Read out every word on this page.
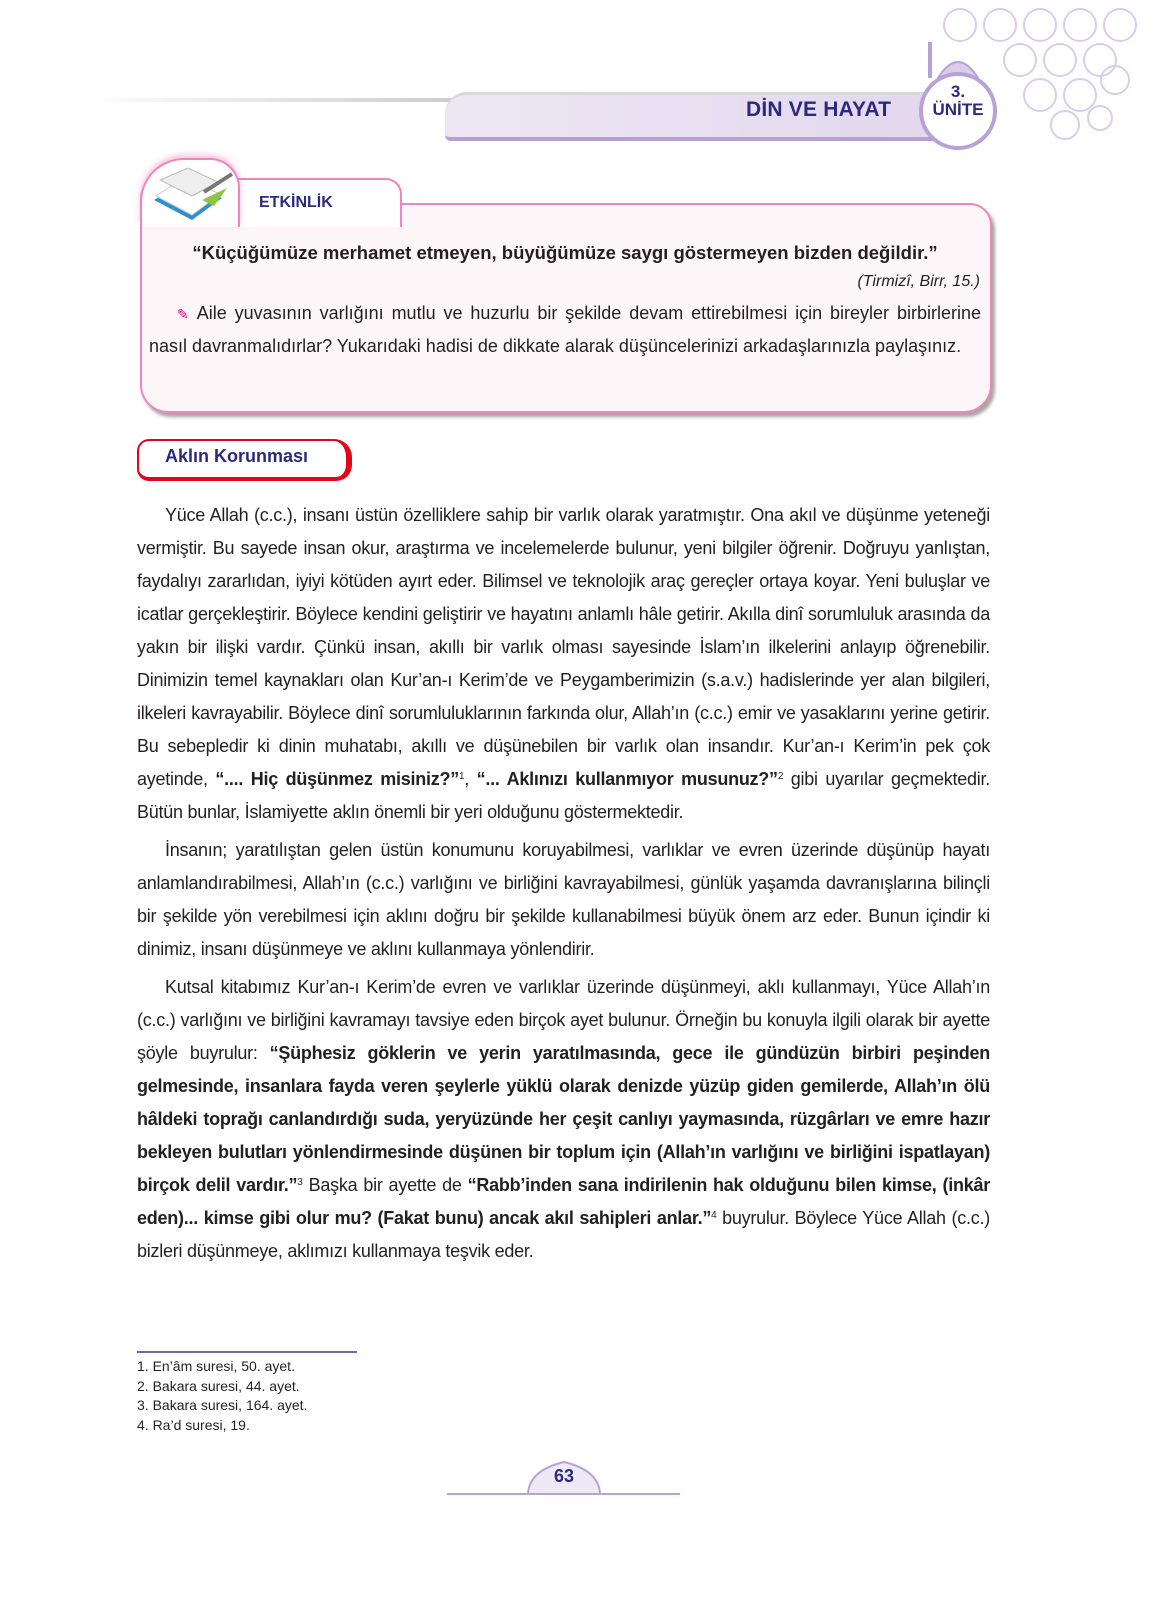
DİN VE HAYAT
3.
ÜNİTE
ETKİNLİK
“Küçüğümüze merhamet etmeyen, büyüğümüze saygı göstermeyen bizden değildir.”
(Tirmizî, Birr, 15.)
✎ Aile yuvasının varlığını mutlu ve huzurlu bir şekilde devam ettirebilmesi için bireyler birbirlerine nasıl davranmalıdırlar? Yukarıdaki hadisi de dikkate alarak düşüncelerinizi arkadaşlarınızla paylaşınız.
Aklın Korunması

Yüce Allah (c.c.), insanı üstün özelliklere sahip bir varlık olarak yaratmıştır. Ona akıl ve düşünme yeteneği vermiştir. Bu sayede insan okur, araştırma ve incelemelerde bulunur, yeni bilgiler öğrenir. Doğruyu yanlıştan, faydalıyı zararlıdan, iyiyi kötüden ayırt eder. Bilimsel ve teknolojik araç gereçler ortaya koyar. Yeni buluşlar ve icatlar gerçekleştirir. Böylece kendini geliştirir ve hayatını anlamlı hâle getirir. Akılla dinî sorumluluk arasında da yakın bir ilişki vardır. Çünkü insan, akıllı bir varlık olması sayesinde İslam’ın ilkelerini anlayıp öğrenebilir. Dinimizin temel kaynakları olan Kur’an-ı Kerim’de ve Peygamberimizin (s.a.v.) hadislerinde yer alan bilgileri, ilkeleri kavrayabilir. Böylece dinî sorumluluklarının farkında olur, Allah’ın (c.c.) emir ve yasaklarını yerine getirir. Bu sebepledir ki dinin muhatabı, akıllı ve düşünebilen bir varlık olan insandır. Kur’an-ı Kerim’in pek çok ayetinde, “.... Hiç düşünmez misiniz?”$^1$, “... Aklınızı kullanmıyor musunuz?”$^2$ gibi uyarılar geçmektedir. Bütün bunlar, İslamiyette aklın önemli bir yeri olduğunu göstermektedir.

İnsanın; yaratılıştan gelen üstün konumunu koruyabilmesi, varlıklar ve evren üzerinde düşünüp hayatı anlamlandırabilmesi, Allah’ın (c.c.) varlığını ve birliğini kavrayabilmesi, günlük yaşamda davranışlarına bilinçli bir şekilde yön verebilmesi için aklını doğru bir şekilde kullanabilmesi büyük önem arz eder. Bunun içindir ki dinimiz, insanı düşünmeye ve aklını kullanmaya yönlendirir.

Kutsal kitabımız Kur’an-ı Kerim’de evren ve varlıklar üzerinde düşünmeyi, aklı kullanmayı, Yüce Allah’ın (c.c.) varlığını ve birliğini kavramayı tavsiye eden birçok ayet bulunur. Örneğin bu konuyla ilgili olarak bir ayette şöyle buyrulur: “Şüphesiz göklerin ve yerin yaratılmasında, gece ile gündüzün birbiri peşinden gelmesinde, insanlara fayda veren şeylerle yüklü olarak denizde yüzüp giden gemilerde, Allah’ın ölü hâldeki toprağı canlandırdığı suda, yeryüzünde her çeşit canlıyı yaymasında, rüzgârları ve emre hazır bekleyen bulutları yönlendirmesinde düşünen bir toplum için (Allah’ın varlığını ve birliğini ispatlayan) birçok delil vardır.”$^3$ Başka bir ayette de “Rabb’inden sana indirilenin hak olduğunu bilen kimse, (inkâr eden)... kimse gibi olur mu? (Fakat bunu) ancak akıl sahipleri anlar.”$^4$ buyrulur. Böylece Yüce Allah (c.c.) bizleri düşünmeye, aklımızı kullanmaya teşvik eder.

1. En’âm suresi, 50. ayet.
2. Bakara suresi, 44. ayet.
3. Bakara suresi, 164. ayet.
4. Ra’d suresi, 19.
63
